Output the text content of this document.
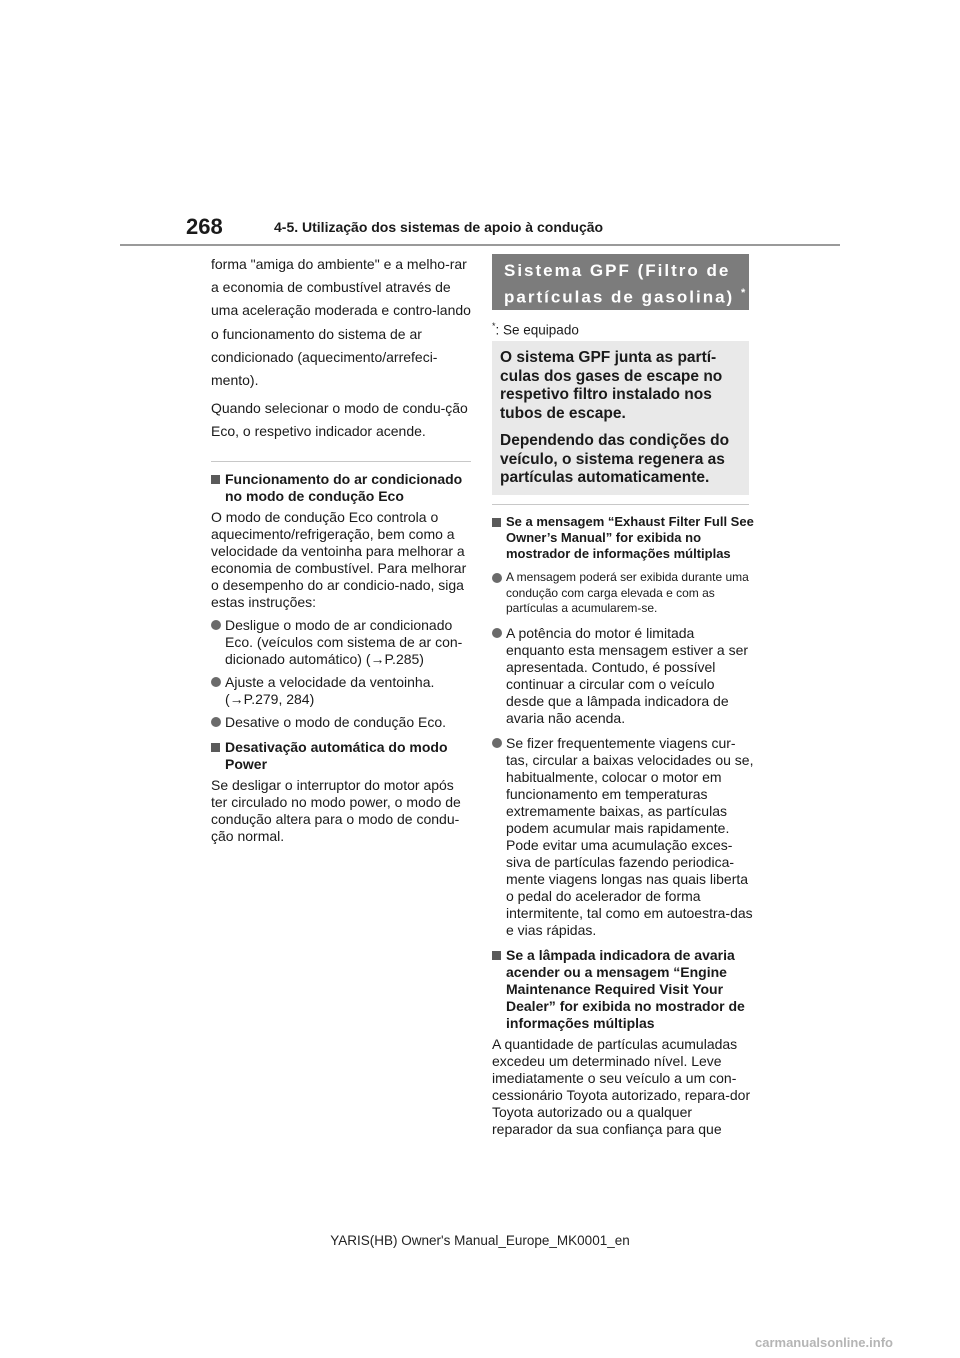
268	4-5. Utilização dos sistemas de apoio à condução

forma "amiga do ambiente" e a melho-rar a economia de combustível através de uma aceleração moderada e contro-lando o funcionamento do sistema de ar condicionado (aquecimento/arrefeci-mento).

Quando selecionar o modo de condu-ção Eco, o respetivo indicador acende.

Funcionamento do ar condicionado no modo de condução Eco

O modo de condução Eco controla o aquecimento/refrigeração, bem como a velocidade da ventoinha para melhorar a economia de combustível. Para melhorar o desempenho do ar condicio-nado, siga estas instruções:

Desligue o modo de ar condicionado Eco. (veículos com sistema de ar con-dicionado automático) (→P.285)
Ajuste a velocidade da ventoinha. (→P.279, 284)
Desative o modo de condução Eco.
Desativação automática do modo Power

Se desligar o interruptor do motor após ter circulado no modo power, o modo de condução altera para o modo de condu-ção normal.

Sistema GPF (Filtro de partículas de gasolina) *
*: Se equipado

O sistema GPF junta as partí-culas dos gases de escape no respetivo filtro instalado nos tubos de escape.

Dependendo das condições do veículo, o sistema regenera as partículas automaticamente.

Se a mensagem “Exhaust Filter Full See Owner’s Manual” for exibida no mostrador de informações múltiplas
A mensagem poderá ser exibida durante uma condução com carga elevada e com as partículas a acumularem-se.
A potência do motor é limitada enquanto esta mensagem estiver a ser apresentada. Contudo, é possível continuar a circular com o veículo desde que a lâmpada indicadora de avaria não acenda.
Se fizer frequentemente viagens cur-tas, circular a baixas velocidades ou se, habitualmente, colocar o motor em funcionamento em temperaturas extremamente baixas, as partículas podem acumular mais rapidamente. Pode evitar uma acumulação exces-siva de partículas fazendo periodica-mente viagens longas nas quais liberta o pedal do acelerador de forma intermitente, tal como em autoestra-das e vias rápidas.
Se a lâmpada indicadora de avaria acender ou a mensagem “Engine Maintenance Required Visit Your Dealer” for exibida no mostrador de informações múltiplas

A quantidade de partículas acumuladas excedeu um determinado nível. Leve imediatamente o seu veículo a um con-cessionário Toyota autorizado, repara-dor Toyota autorizado ou a qualquer reparador da sua confiança para que

YARIS(HB) Owner's Manual_Europe_MK0001_en
carmanualsonline.info
